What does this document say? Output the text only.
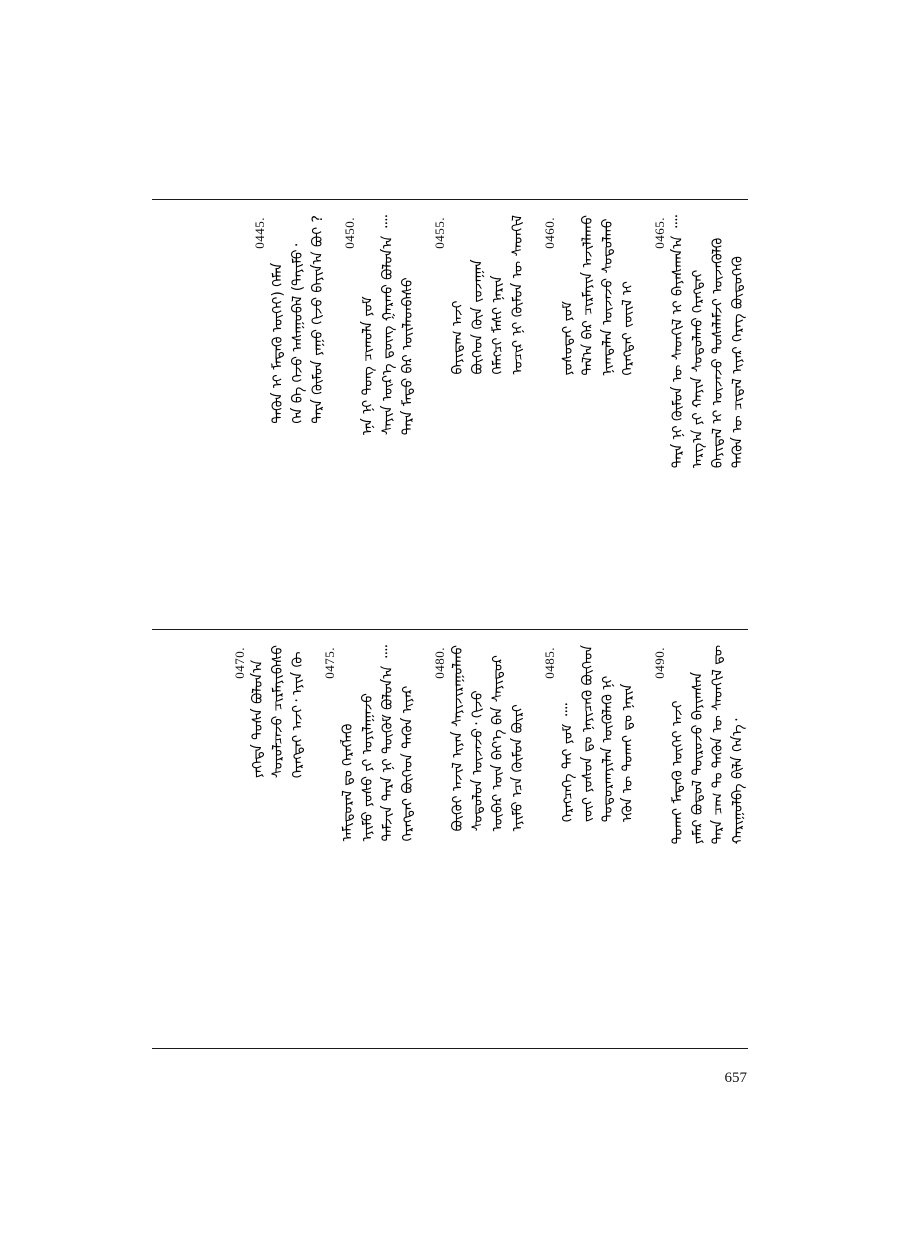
0465.
ᠲᠡᠭᠦᠨ ᠦ ᠴᠢᠳᠠᠯ ᠢᠶᠠᠷ ᠬᠡᠷᠡᠭ ᠪᠦᠲᠦᠭᠡᠬᠦ
ᠪᠠᠶᠢᠳᠠᠯ ᠢ ᠦᠵᠡᠵᠦ ᠲᠤᠰᠠᠯᠠᠮᠵᠢ ᠦᠵᠡᠭᠦᠯᠬᠦ
ᠠᠷᠭ᠎ᠠ ᠶᠢ ᠬᠠᠶᠢᠨ ᠰᠤᠳᠤᠯᠬᠤ ᠬᠡᠷᠡᠭᠲᠡᠢ
ᠲᠡᠷᠡ ᠨᠢ ᠬᠦᠮᠦᠨ ᠦ ᠰᠡᠳᠬᠢᠯ ᠢ ᠪᠠᠶᠠᠰᠬᠠᠨ᠎ᠠ ᠁
0460.
ᠬᠡᠷᠡᠭᠲᠡᠢ ᠵᠦᠢᠯ ᠢ
ᠨᠢᠭᠲᠠᠯᠠᠨ ᠦᠵᠡᠵᠦ ᠰᠤᠳᠤᠯᠬᠤ
ᠲᠠᠯ᠎ᠠ ᠪᠠᠷ ᠴᠢᠷᠮᠠᠶᠢᠨ ᠠᠵᠢᠯᠯᠠᠬᠤ
ᠶᠣᠰᠤᠲᠠᠢ ᠶᠤᠮ
0455.	ᠤᠴᠢᠷ ᠨᠢ ᠬᠦᠮᠦᠨ ᠦ ᠰᠡᠳᠬᠢᠯ
ᠬᠡᠮᠡᠭᠴᠢ ᠮᠠᠰᠢ ᠨᠠᠷᠢᠨ
ᠪᠥᠭᠡᠳ ᠭᠦᠨ ᠵᠤᠵᠠᠭᠠᠨ
ᠪᠠᠶᠢᠳᠠᠭ ᠠᠵᠢ
0450.
ᠲᠡᠷᠡ ᠮᠡᠲᠦ ᠪᠡᠷ ᠦᠢᠯᠡᠳᠪᠡᠰᠦ
ᠰᠠᠶᠢᠨ ᠦᠷ᠎ᠡ ᠳ᠋ᠦᠩ ᠭᠠᠷᠬᠤ ᠪᠣᠯᠤᠨ᠎ᠠ ᠁
ᠡᠨᠡ ᠨᠢ ᠲᠤᠩ ᠴᠢᠬᠤᠯᠠ ᠶᠤᠮ
0445.	ᠲᠡᠷᠡ ᠬᠦᠮᠦᠨ ᠶᠠᠭᠤ ᠬᠢᠵᠦ ᠪᠠᠶᠢᠨ᠎ᠠ ᠪᠤᠢ ?
ᠬᠡᠨ ᠪᠡ ᠭᠡᠵᠦ ᠠᠰᠠᠭᠤᠪᠠᠯ (ᠲᠡᠶᠢᠮᠦ᠂
ᠲᠡᠭᠦᠨ ᠢ ᠮᠡᠳᠡᠬᠦ ᠦᠭᠡᠢ) ᠬᠡᠮᠡᠨ
0490.
ᠬᠠᠷᠢᠭᠤᠯᠪᠠ ᠪᠢᠯᠡ ᠭᠡᠨ᠎ᠡ᠂
ᠲᠡᠷᠡ ᠴᠠᠭ ᠲᠤ ᠲᠡᠭᠦᠨ ᠦ ᠰᠡᠳᠬᠢᠯ ᠳᠦ
ᠶᠠᠮᠠᠷ ᠪᠣᠳᠤᠯ ᠲᠥᠷᠥᠵᠦ ᠪᠠᠶᠢᠭᠰᠠᠨ
ᠲᠤᠬᠠᠢ ᠮᠡᠳᠡᠬᠦ ᠦᠭᠡᠢ ᠠᠵᠢ
0485.
ᠡᠭᠦᠨ ᠦ ᠲᠤᠬᠠᠢ ᠳᠤ ᠨᠠᠷᠢᠨ
ᠲᠣᠳᠤᠷᠬᠠᠶᠢᠯᠠᠨ ᠥᠭᠦᠯᠡᠬᠦ ᠨᠢ
ᠵᠦᠢ ᠶᠣᠰᠤᠨ ᠳᠤ ᠨᠡᠶᠢᠴᠡᠬᠦ ᠪᠥᠭᠡᠳ
ᠬᠡᠷᠡᠭᠴᠡᠭᠡ ᠲᠡᠢ ᠶᠤᠮ ᠁
0480.
ᠡᠶᠢᠮᠦ ᠡᠴᠡ ᠬᠦᠮᠦᠨ ᠪᠦᠷᠢ
ᠥᠪᠡᠷ ᠦᠨ ᠪᠡᠶ᠎ᠡ ᠪᠡᠨ ᠰᠠᠶᠢᠲᠤᠷ
ᠰᠤᠳᠤᠯᠤᠨ ᠦᠵᠡᠵᠦ᠂ ᠬᠢᠵᠦ
ᠪᠦᠬᠦᠢ ᠠᠵᠢᠯ ᠢᠶᠠᠨ ᠰᠠᠶᠢᠵᠢᠷᠠᠭᠤᠯᠬᠤ
0475.
ᠬᠡᠷᠡᠭᠲᠡᠢ ᠪᠥᠭᠡᠳ ᠲᠡᠭᠦᠨ ᠢᠶᠡᠷ
ᠳᠠᠮᠵᠢᠨ ᠲᠡᠷᠡ ᠨᠢ ᠲᠥᠭᠥᠮ ᠪᠣᠯᠤᠨ᠎ᠠ ᠁
ᠡᠶᠢᠮᠦ ᠶᠣᠰᠤ ᠶᠢ ᠣᠶᠢᠯᠠᠭᠠᠵᠤ
ᠠᠮᠢᠳᠤᠷᠠᠯ ᠳᠤ ᠬᠡᠷᠡᠭᠯᠡᠬᠦ
0470.	ᠬᠡᠷᠡᠭᠲᠡᠢ ᠠᠵᠢ᠂ ᠡᠶᠢᠨ ᠬᠦ
ᠰᠤᠷᠤᠯᠴᠠᠵᠤ ᠴᠢᠷᠮᠠᠶᠢᠪᠠᠰᠤ
ᠶᠡᠬᠡᠳᠡ ᠲᠤᠰᠠ ᠪᠣᠯᠤᠨ᠎ᠠ
657
